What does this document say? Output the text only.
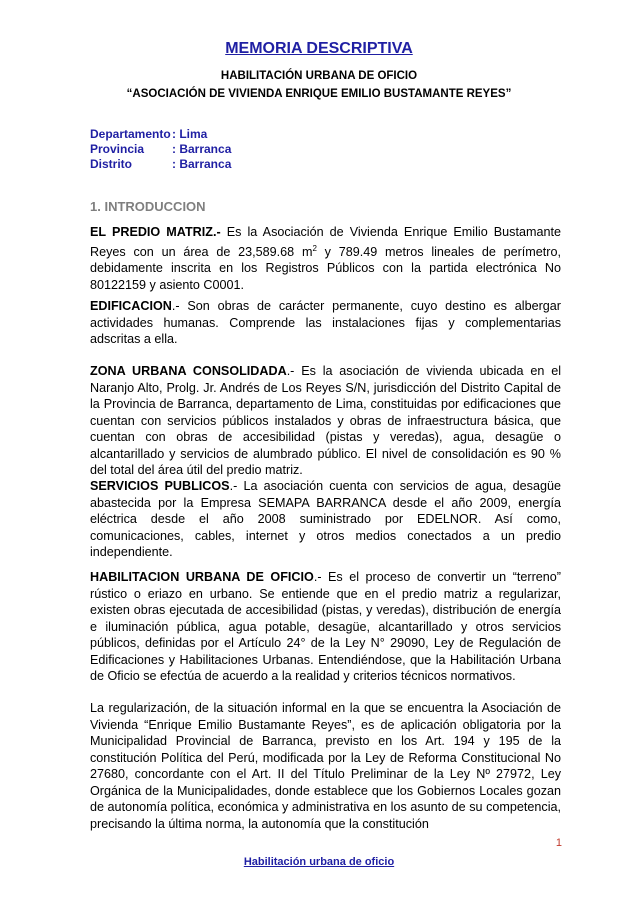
MEMORIA DESCRIPTIVA
HABILITACIÓN URBANA DE OFICIO
“ASOCIACIÓN DE VIVIENDA ENRIQUE EMILIO BUSTAMANTE REYES”
Departamento: Lima
Provincia : Barranca
Distrito	: Barranca
1. INTRODUCCION

EL PREDIO MATRIZ.- Es la Asociación de Vivienda Enrique Emilio Bustamante Reyes con un área de 23,589.68 $m^2$ y 789.49 metros lineales de perímetro, debidamente inscrita en los Registros Públicos con la partida electrónica No 80122159 y asiento C0001.

EDIFICACION.- Son obras de carácter permanente, cuyo destino es albergar actividades humanas. Comprende las instalaciones fijas y complementarias adscritas a ella.

ZONA URBANA CONSOLIDADA.- Es la asociación de vivienda ubicada en el Naranjo Alto, Prolg. Jr. Andrés de Los Reyes S/N, jurisdicción del Distrito Capital de la Provincia de Barranca, departamento de Lima, constituidas por edificaciones que cuentan con servicios públicos instalados y obras de infraestructura básica, que cuentan con obras de accesibilidad (pistas y veredas), agua, desagüe o alcantarillado y servicios de alumbrado público. El nivel de consolidación es 90 % del total del área útil del predio matriz.

SERVICIOS PUBLICOS.- La asociación cuenta con servicios de agua, desagüe abastecida por la Empresa SEMAPA BARRANCA desde el año 2009, energía eléctrica desde el año 2008 suministrado por EDELNOR. Así como, comunicaciones, cables, internet y otros medios conectados a un predio independiente.

HABILITACION URBANA DE OFICIO.- Es el proceso de convertir un “terreno” rústico o eriazo en urbano. Se entiende que en el predio matriz a regularizar, existen obras ejecutada de accesibilidad (pistas, y veredas), distribución de energía e iluminación pública, agua potable, desagüe, alcantarillado y otros servicios públicos, definidas por el Artículo 24° de la Ley N° 29090, Ley de Regulación de Edificaciones y Habilitaciones Urbanas. Entendiéndose, que la Habilitación Urbana de Oficio se efectúa de acuerdo a la realidad y criterios técnicos normativos.

La regularización, de la situación informal en la que se encuentra la Asociación de Vivienda “Enrique Emilio Bustamante Reyes”, es de aplicación obligatoria por la Municipalidad Provincial de Barranca, previsto en los Art. 194 y 195 de la constitución Política del Perú, modificada por la Ley de Reforma Constitucional No 27680, concordante con el Art. II del Título Preliminar de la Ley Nº 27972, Ley Orgánica de la Municipalidades, donde establece que los Gobiernos Locales gozan de autonomía política, económica y administrativa en los asunto de su competencia, precisando la última norma, la autonomía que la constitución

1
Habilitación urbana de oficio
